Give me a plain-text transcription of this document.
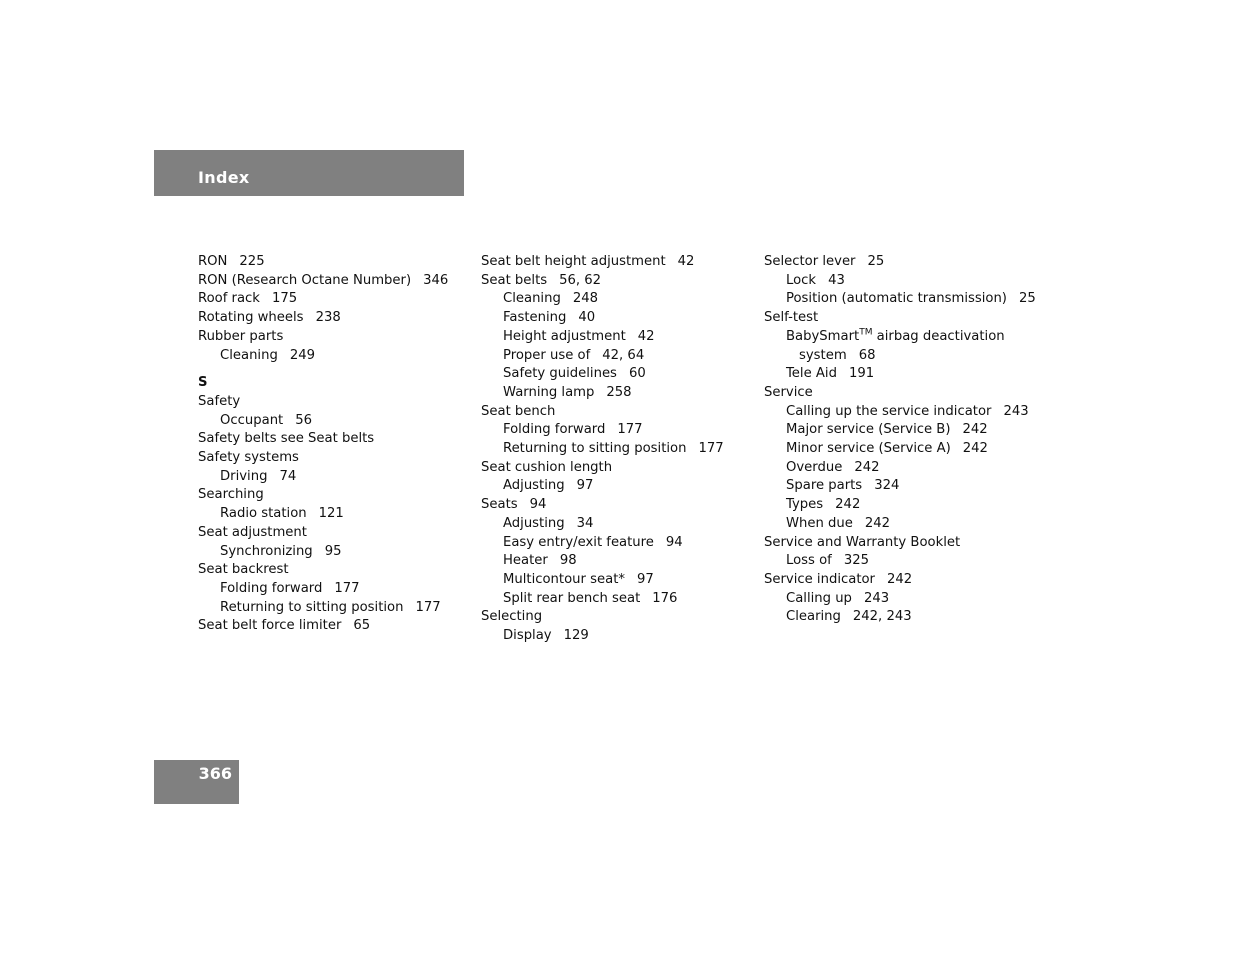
Index
RON 225
RON (Research Octane Number) 346
Roof rack 175
Rotating wheels 238
Rubber parts
Cleaning 249
S
Safety
Occupant 56
Safety belts see Seat belts
Safety systems
Driving 74
Searching
Radio station 121
Seat adjustment
Synchronizing 95
Seat backrest
Folding forward 177
Returning to sitting position 177
Seat belt force limiter 65
Seat belt height adjustment 42
Seat belts 56, 62
Cleaning 248
Fastening 40
Height adjustment 42
Proper use of 42, 64
Safety guidelines 60
Warning lamp 258
Seat bench
Folding forward 177
Returning to sitting position 177
Seat cushion length
Adjusting 97
Seats 94
Adjusting 34
Easy entry/exit feature 94
Heater 98
Multicontour seat* 97
Split rear bench seat 176
Selecting
Display 129
Selector lever 25
Lock 43
Position (automatic transmission) 25
Self-test
BabySmart™ airbag deactivation
system 68
Tele Aid 191
Service
Calling up the service indicator 243
Major service (Service B) 242
Minor service (Service A) 242
Overdue 242
Spare parts 324
Types 242
When due 242
Service and Warranty Booklet
Loss of 325
Service indicator 242
Calling up 243
Clearing 242, 243
366
